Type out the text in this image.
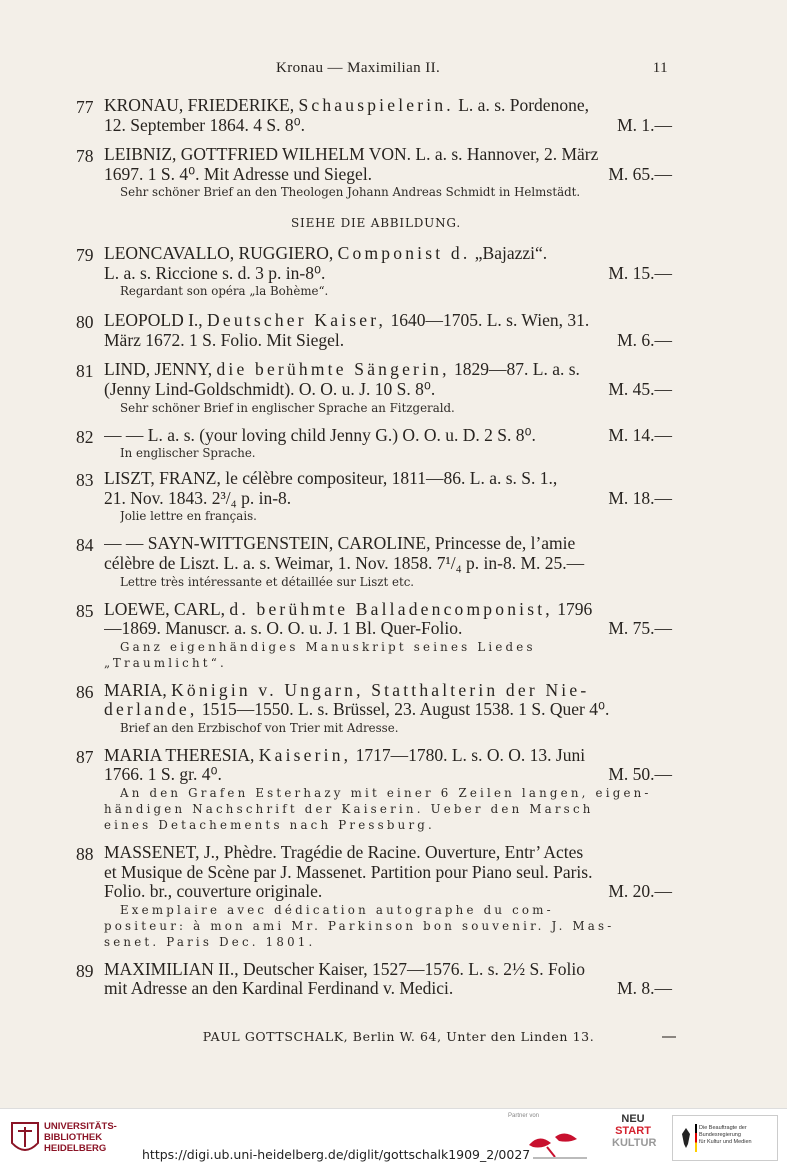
Kronau — Maximilian II.	11
77 KRONAU, FRIEDERIKE, Schauspielerin. L. a. s. Pordenone,
12. September 1864. 4 S. 8⁰.	M. 1.—
78 LEIBNIZ, GOTTFRIED WILHELM VON. L. a. s. Hannover, 2. März
1697. 1 S. 4⁰. Mit Adresse und Siegel.	M. 65.—
Sehr schöner Brief an den Theologen Johann Andreas Schmidt in Helmstädt.
SIEHE DIE ABBILDUNG.
79 LEONCAVALLO, RUGGIERO, Componist d. „Bajazzi“.
L. a. s. Riccione s. d. 3 p. in-8⁰.	M. 15.—
Regardant son opéra „la Bohème“.
80 LEOPOLD I., Deutscher Kaiser, 1640—1705. L. s. Wien, 31.
März 1672. 1 S. Folio. Mit Siegel.	M. 6.—
81 LIND, JENNY, die berühmte Sängerin, 1829—87. L. a. s.
(Jenny Lind-Goldschmidt). O. O. u. J. 10 S. 8⁰.	M. 45.—
Sehr schöner Brief in englischer Sprache an Fitzgerald.
82 — — L. a. s. (your loving child Jenny G.) O. O. u. D. 2 S. 8⁰.	M. 14.—
In englischer Sprache.
83 LISZT, FRANZ, le célèbre compositeur, 1811—86. L. a. s. S. 1.,
21. Nov. 1843. 2³/₄ p. in-8.	M. 18.—
Jolie lettre en français.
84 — — SAYN-WITTGENSTEIN, CAROLINE, Princesse de, l’amie
célèbre de Liszt. L. a. s. Weimar, 1. Nov. 1858. 7¹/₄ p. in-8. M. 25.—
Lettre très intéressante et détaillée sur Liszt etc.
85 LOEWE, CARL, d. berühmte Balladencomponist, 1796
—1869. Manuscr. a. s. O. O. u. J. 1 Bl. Quer-Folio.	M. 75.—
Ganz eigenhändiges Manuskript seines Liedes
„Traumlicht“.
86 MARIA, Königin v. Ungarn, Statthalterin der Nie-
derlande, 1515—1550. L. s. Brüssel, 23. August 1538. 1 S. Quer 4⁰.
Brief an den Erzbischof von Trier mit Adresse.
87 MARIA THERESIA, Kaiserin, 1717—1780. L. s. O. O. 13. Juni
1766. 1 S. gr. 4⁰.	M. 50.—
An den Grafen Esterhazy mit einer 6 Zeilen langen, eigen-
händigen Nachschrift der Kaiserin. Ueber den Marsch
eines Detachements nach Pressburg.
88 MASSENET, J., Phèdre. Tragédie de Racine. Ouverture, Entr’ Actes
et Musique de Scène par J. Massenet. Partition pour Piano seul. Paris.
Folio. br., couverture originale.	M. 20.—
Exemplaire avec dédication autographe du com-
positeur: à mon ami Mr. Parkinson bon souvenir. J. Mas-
senet. Paris Dec. 1801.
89 MAXIMILIAN II., Deutscher Kaiser, 1527—1576. L. s. 2½ S. Folio
mit Adresse an den Kardinal Ferdinand v. Medici.	M. 8.—
PAUL GOTTSCHALK, Berlin W. 64, Unter den Linden 13.
UNIVERSITÄTS-
BIBLIOTHEK
HEIDELBERG	https://digi.ub.uni-heidelberg.de/diglit/gottschalk1909_2/0027
Partner von	NEU
START
KULTUR
Die Beauftragte der Bundesregierung
für Kultur und Medien
